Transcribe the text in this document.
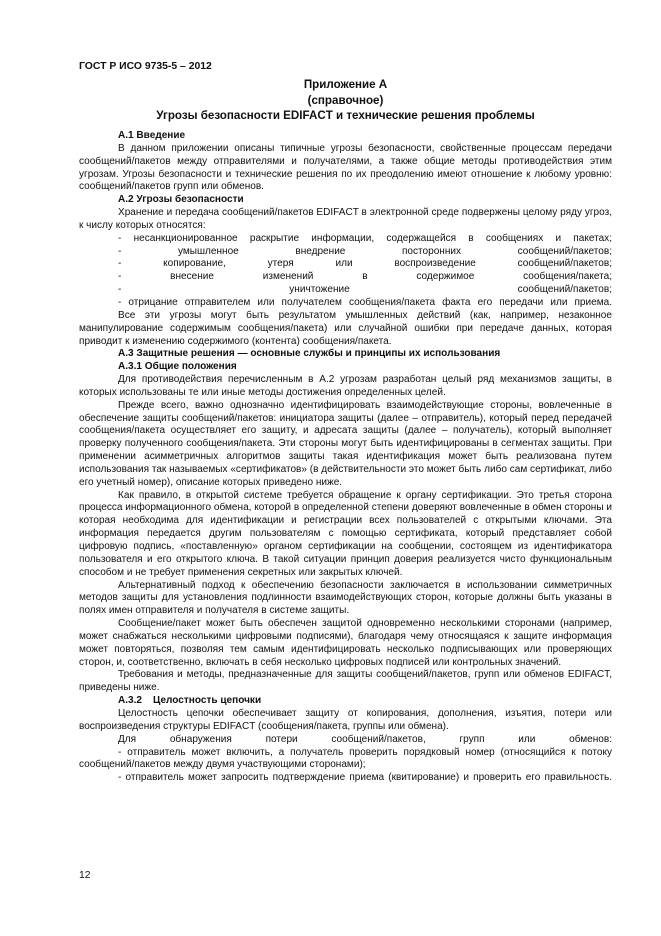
ГОСТ Р ИСО 9735-5 – 2012
Приложение А
(справочное)
Угрозы безопасности EDIFACT и технические решения проблемы

А.1 Введение

В данном приложении описаны типичные угрозы безопасности, свойственные процессам передачи сообщений/пакетов между отправителями и получателями, а также общие методы противодействия этим угрозам. Угрозы безопасности и технические решения по их преодолению имеют отношение к любому уровню: сообщений/пакетов групп или обменов.

А.2 Угрозы безопасности

Хранение и передача сообщений/пакетов EDIFACT в электронной среде подвержены целому ряду угроз, к числу которых относятся:

- несанкционированное раскрытие информации, содержащейся в сообщениях и пакетах;

- умышленное внедрение посторонних сообщений/пакетов;

- копирование, утеря или воспроизведение сообщений/пакетов;

- внесение изменений в содержимое сообщения/пакета;

- уничтожение сообщений/пакетов;

- отрицание отправителем или получателем сообщения/пакета факта его передачи или приема.

Все эти угрозы могут быть результатом умышленных действий (как, например, незаконное манипулирование содержимым сообщения/пакета) или случайной ошибки при передаче данных, которая приводит к изменению содержимого (контента) сообщения/пакета.

А.3 Защитные решения — основные службы и принципы их использования

А.3.1 Общие положения

Для противодействия перечисленным в А.2 угрозам разработан целый ряд механизмов защиты, в которых использованы те или иные методы достижения определенных целей.

Прежде всего, важно однозначно идентифицировать взаимодействующие стороны, вовлеченные в обеспечение защиты сообщений/пакетов: инициатора защиты (далее – отправитель), который перед передачей сообщения/пакета осуществляет его защиту, и адресата защиты (далее – получатель), который выполняет проверку полученного сообщения/пакета. Эти стороны могут быть идентифицированы в сегментах защиты. При применении асимметричных алгоритмов защиты такая идентификация может быть реализована путем использования так называемых «сертификатов» (в действительности это может быть либо сам сертификат, либо его учетный номер), описание которых приведено ниже.

Как правило, в открытой системе требуется обращение к органу сертификации. Это третья сторона процесса информационного обмена, которой в определенной степени доверяют вовлеченные в обмен стороны и которая необходима для идентификации и регистрации всех пользователей с открытыми ключами. Эта информация передается другим пользователям с помощью сертификата, который представляет собой цифровую подпись, «поставленную» органом сертификации на сообщении, состоящем из идентификатора пользователя и его открытого ключа. В такой ситуации принцип доверия реализуется чисто функциональным способом и не требует применения секретных или закрытых ключей.

Альтернативный подход к обеспечению безопасности заключается в использовании симметричных методов защиты для установления подлинности взаимодействующих сторон, которые должны быть указаны в полях имен отправителя и получателя в системе защиты.

Сообщение/пакет может быть обеспечен защитой одновременно несколькими сторонами (например, может снабжаться несколькими цифровыми подписями), благодаря чему относящаяся к защите информация может повторяться, позволяя тем самым идентифицировать несколько подписывающих или проверяющих сторон, и, соответственно, включать в себя несколько цифровых подписей или контрольных значений.

Требования и методы, предназначенные для защиты сообщений/пакетов, групп или обменов EDIFACT, приведены ниже.

А.3.2 Целостность цепочки

Целостность цепочки обеспечивает защиту от копирования, дополнения, изъятия, потери или воспроизведения структуры EDIFACT (сообщения/пакета, группы или обмена).

Для обнаружения потери сообщений/пакетов, групп или обменов:

- отправитель может включить, а получатель проверить порядковый номер (относящийся к потоку сообщений/пакетов между двумя участвующими сторонами);

- отправитель может запросить подтверждение приема (квитирование) и проверить его правильность.

12
